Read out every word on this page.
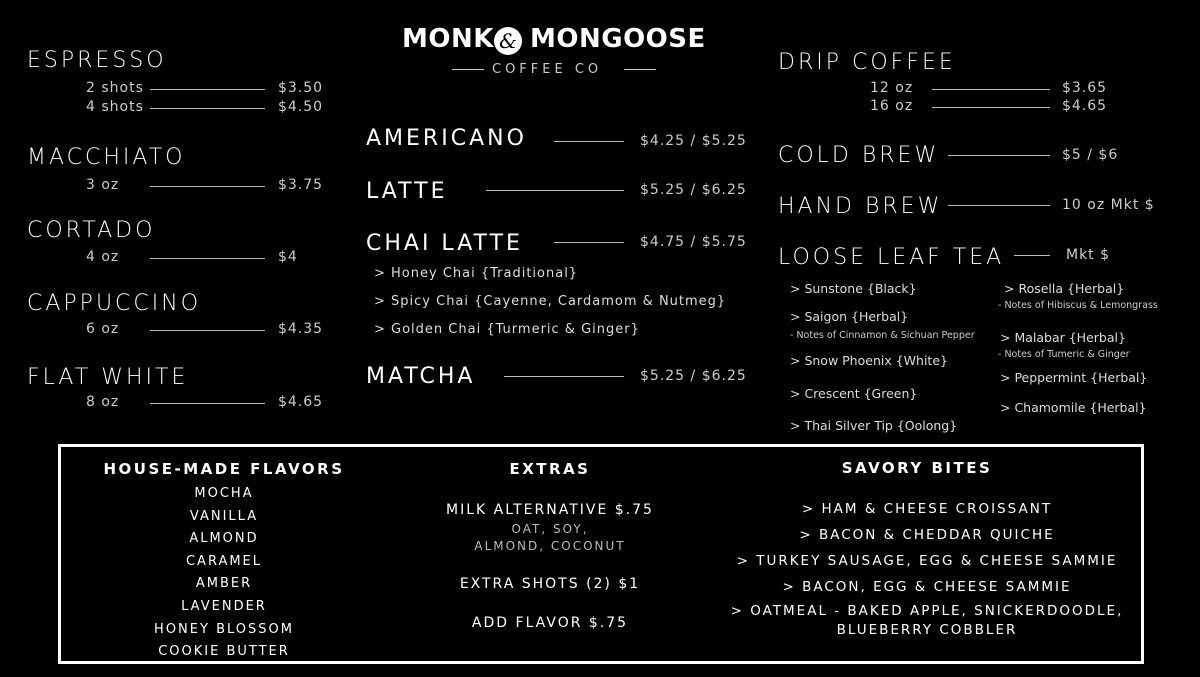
MONK & MONGOOSE
COFFEE CO
ESPRESSO
2 shots	$3.50
4 shots	$4.50
MACCHIATO
3 oz	$3.75
CORTADO
4 oz	$4
CAPPUCCINO
6 oz	$4.35
FLAT WHITE
8 oz	$4.65
AMERICANO	$4.25 / $5.25
LATTE	$5.25 / $6.25
CHAI LATTE	$4.75 / $5.75
> Honey Chai {Traditional}
> Spicy Chai {Cayenne, Cardamom & Nutmeg}
> Golden Chai {Turmeric & Ginger}
MATCHA	$5.25 / $6.25
DRIP COFFEE
12 oz	$3.65
16 oz	$4.65
COLD BREW	$5 / $6
HAND BREW	10 oz Mkt $
LOOSE LEAF TEA	Mkt $
> Sunstone {Black}
> Saigon {Herbal}
- Notes of Cinnamon & Sichuan Pepper
> Snow Phoenix {White}
> Crescent {Green}
> Thai Silver Tip {Oolong}
> Rosella {Herbal}
- Notes of Hibiscus & Lemongrass
> Malabar {Herbal}
- Notes of Tumeric & Ginger
> Peppermint {Herbal}
> Chamomile {Herbal}
HOUSE-MADE FLAVORS
MOCHA
VANILLA
ALMOND
CARAMEL
AMBER
LAVENDER
HONEY BLOSSOM
COOKIE BUTTER
EXTRAS
MILK ALTERNATIVE $.75
OAT, SOY,
ALMOND, COCONUT
EXTRA SHOTS (2) $1
ADD FLAVOR $.75
SAVORY BITES
> HAM & CHEESE CROISSANT
> BACON & CHEDDAR QUICHE
> TURKEY SAUSAGE, EGG & CHEESE SAMMIE
> BACON, EGG & CHEESE SAMMIE
> OATMEAL - BAKED APPLE, SNICKERDOODLE,
BLUEBERRY COBBLER
